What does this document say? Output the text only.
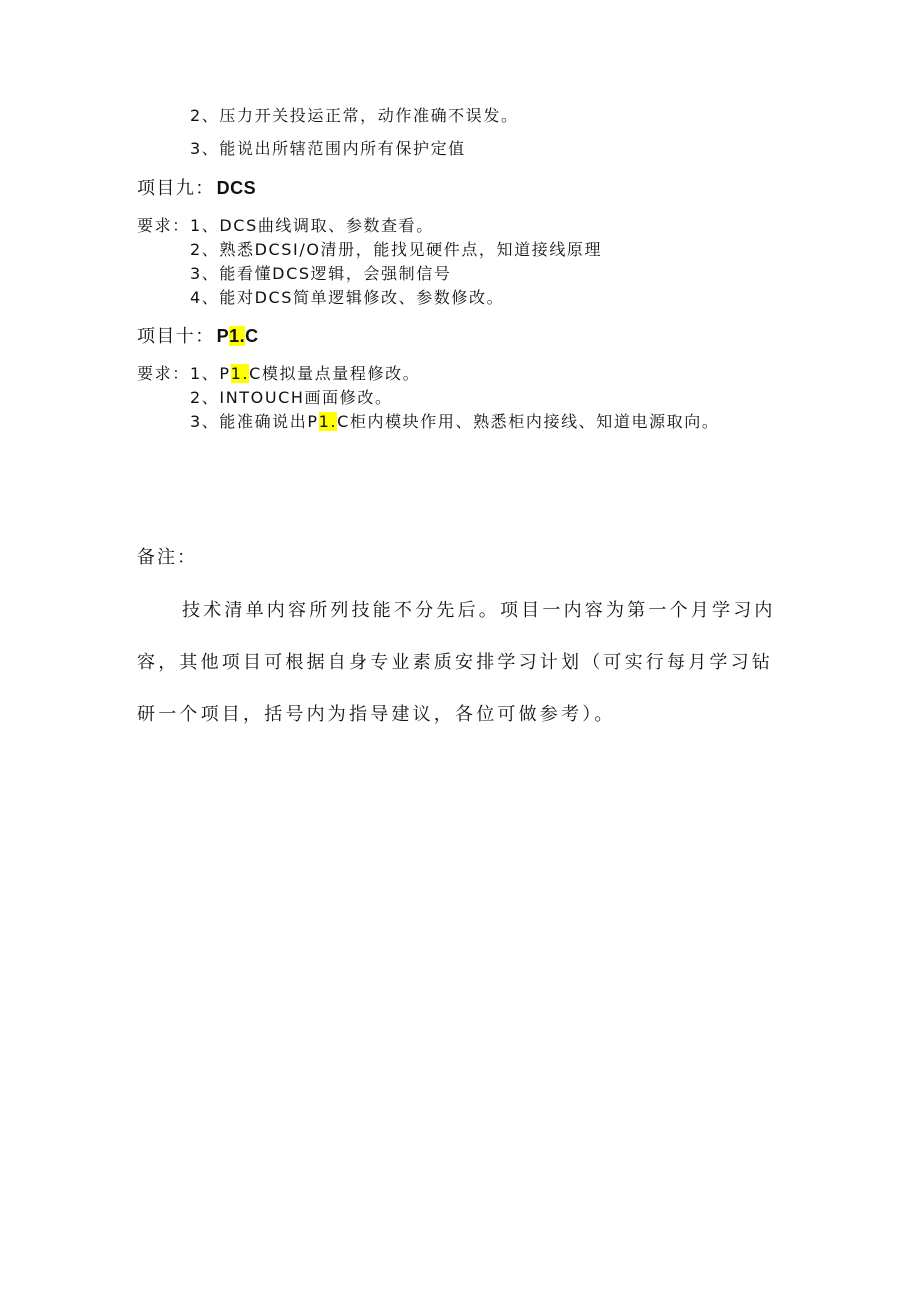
2、压力开关投运正常，动作准确不误发。
3、能说出所辖范围内所有保护定值
项目九： DCS
要求： 1、DCS曲线调取、参数查看。
2、熟悉DCSI/O清册，能找见硬件点，知道接线原理
3、能看懂DCS逻辑，会强制信号
4、能对DCS简单逻辑修改、参数修改。
项目十： P1.C
要求： 1、P1.C模拟量点量程修改。
2、INTOUCH画面修改。
3、能准确说出P1.C柜内模块作用、熟悉柜内接线、知道电源取向。
备注：
技术清单内容所列技能不分先后。项目一内容为第一个月学习内
容，其他项目可根据自身专业素质安排学习计划（可实行每月学习钻
研一个项目，括号内为指导建议，各位可做参考）。
